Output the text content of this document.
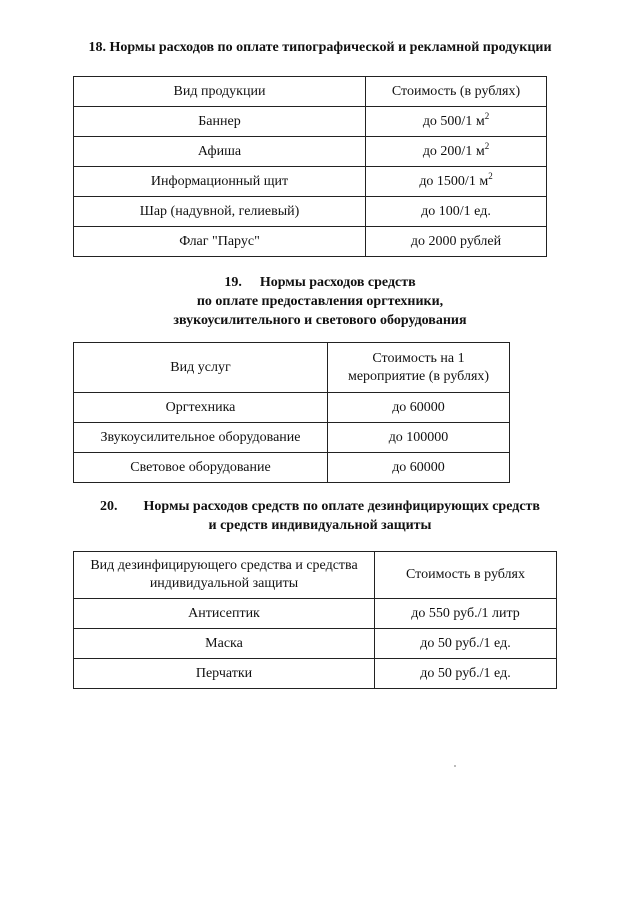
18. Нормы расходов по оплате типографической и рекламной продукции
Вид продукции	Стоимость (в рублях)
Баннер	до 500/1 $м^2$
Афиша	до 200/1 $м^2$
Информационный щит	до 1500/1 $м^2$
Шар (надувной, гелиевый)	до 100/1 ед.
Флаг "Парус"	до 2000 рублей
19. Нормы расходов средств
по оплате предоставления оргтехники,
звукоусилительного и светового оборудования
Вид услуг	Стоимость на 1
мероприятие (в рублях)

Оргтехника	до 60000
Звукоусилительное оборудование	до 100000
Световое оборудование	до 60000
20. Нормы расходов средств по оплате дезинфицирующих средств
и средств индивидуальной защиты
Вид дезинфицирующего средства и средства
индивидуальной защиты	Стоимость в рублях
Антисептик	до 550 руб./1 литр
Маска	до 50 руб./1 ед.
Перчатки	до 50 руб./1 ед.
